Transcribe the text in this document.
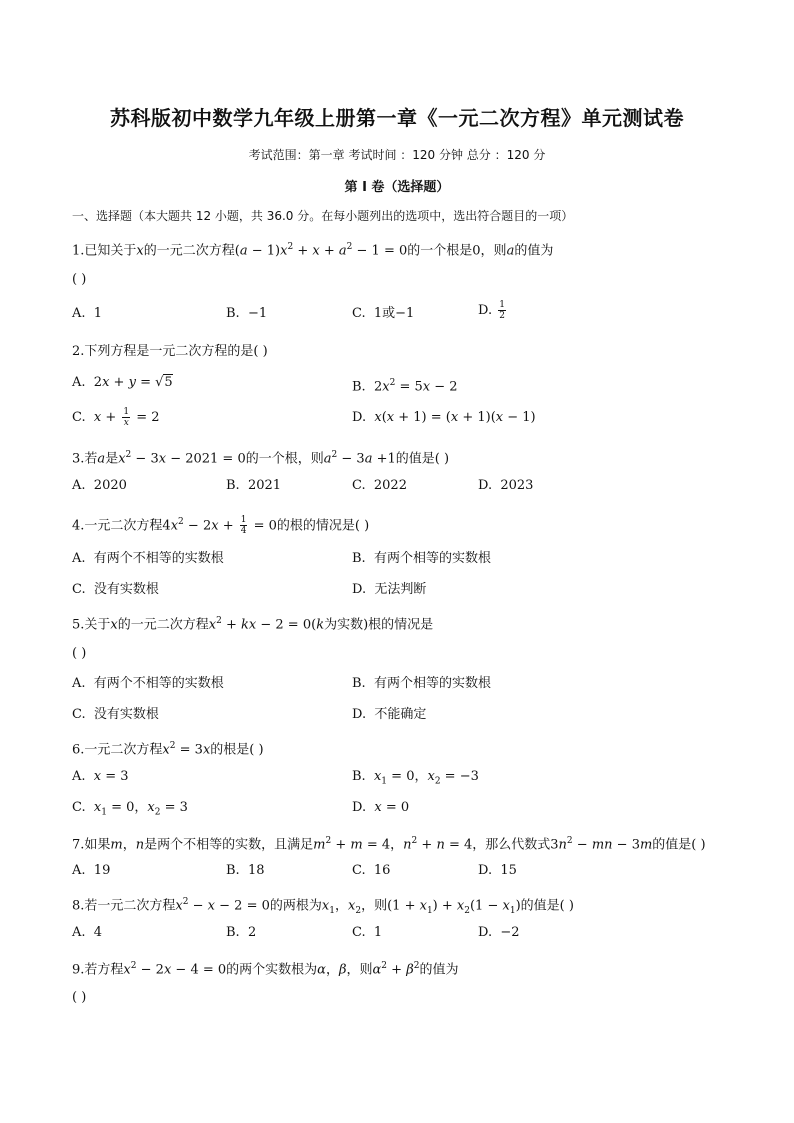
苏科版初中数学九年级上册第一章《一元二次方程》单元测试卷
考试范围：第一章 考试时间 ：120 分钟 总分 ：120 分
第 I 卷（选择题）
一、选择题（本大题共 12 小题，共 36.0 分。在每小题列出的选项中，选出符合题目的一项）
1.已知关于x的一元二次方程$(a - 1)x^2 + x + a^2 - 1 = 0$的一个根是0，则a的值为
( )
A.  1	B.  −1	C.  1或−1	D. $\frac{1}{2}$
2.下列方程是一元二次方程的是( )
A.  2x + y = √5	B.  $2x^2 = 5x - 2$
C.  $x + \frac{1}{x} = 2$	D.  x(x + 1) = (x + 1)(x − 1)
3.若a是$x^2 - 3x - 2021 = 0$的一个根，则$a^2 - 3a +1$的值是( )
A.  2020	B.  2021	C.  2022	D.  2023
4.一元二次方程$4x^2 - 2x + \frac{1}{4} = 0$的根的情况是( )
A.  有两个不相等的实数根	B.  有两个相等的实数根
C.  没有实数根	D.  无法判断
5.关于x的一元二次方程$x^2$ + kx − 2 = 0(k为实数)根的情况是
( )
A.  有两个不相等的实数根	B.  有两个相等的实数根
C.  没有实数根	D.  不能确定
6.一元二次方程$x^2 = 3x$的根是( )
A.  x = 3	B.  $x_1 = 0$，$x_2 = -3$
C.  $x_1 = 0$，$x_2 = 3$	D.  x = 0
7.如果m，n是两个不相等的实数，且满足$m^2 + m = 4$，$n^2 + n = 4$，那么代数式$3n^2$ − mn − 3m的值是( )
A.  19	B.  18	C.  16	D.  15
8.若一元二次方程$x^2 - x - 2 = 0$的两根为$x_1$，$x_2$，则$(1 + x_1) + x_2(1 - x_1)$的值是( )
A.  4	B.  2	C.  1	D.  −2
9.若方程$x^2 - 2x - 4 = 0$的两个实数根为α，β，则$\alpha^2 + \beta^2$的值为
( )
